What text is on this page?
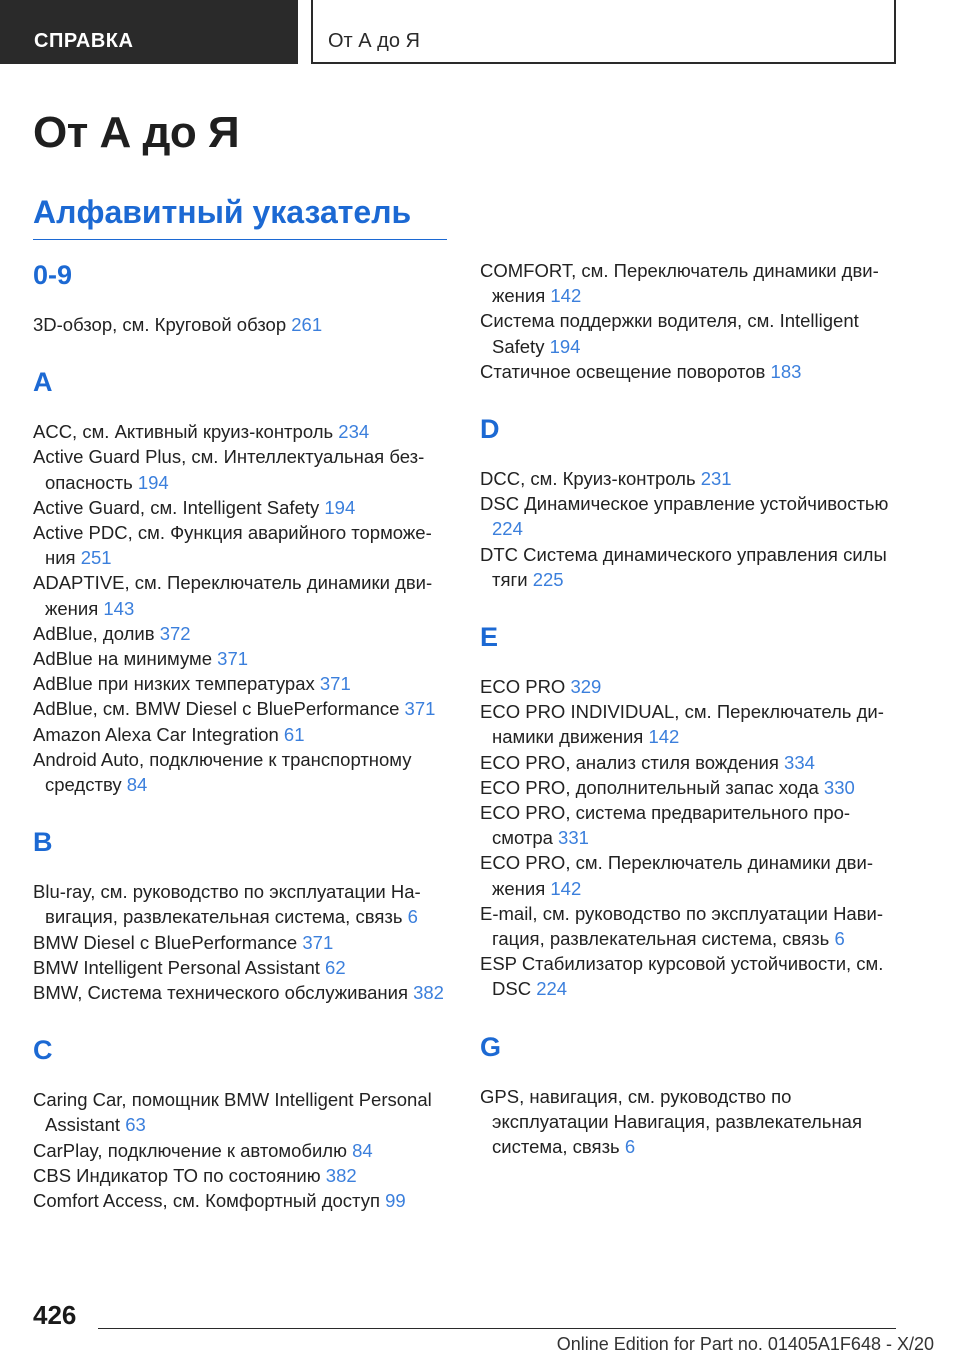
СПРАВКА	От А до Я
От А до Я
Алфавитный указатель
0-9
3D-обзор, см. Круговой обзор 261
A
ACC, см. Активный круиз-контроль 234
Active Guard Plus, см. Интеллектуальная безопасность 194
Active Guard, см. Intelligent Safety 194
Active PDC, см. Функция аварийного торможения 251
ADAPTIVE, см. Переключатель динамики движения 143
AdBlue, долив 372
AdBlue на минимуме 371
AdBlue при низких температурах 371
AdBlue, см. BMW Diesel с BluePerformance 371
Amazon Alexa Car Integration 61
Android Auto, подключение к транспортному средству 84
B
Blu-ray, см. руководство по эксплуатации Навигация, развлекательная система, связь 6
BMW Diesel с BluePerformance 371
BMW Intelligent Personal Assistant 62
BMW, Система технического обслуживания 382
C
Caring Car, помощник BMW Intelligent Personal Assistant 63
CarPlay, подключение к автомобилю 84
CBS Индикатор ТО по состоянию 382
Comfort Access, см. Комфортный доступ 99
COMFORT, см. Переключатель динамики движения 142
Система поддержки водителя, см. Intelligent Safety 194
Статичное освещение поворотов 183
D
DCC, см. Круиз-контроль 231
DSC Динамическое управление устойчивостью 224
DTC Система динамического управления силы тяги 225
E
ECO PRO 329
ECO PRO INDIVIDUAL, см. Переключатель динамики движения 142
ECO PRO, анализ стиля вождения 334
ECO PRO, дополнительный запас хода 330
ECO PRO, система предварительного просмотра 331
ECO PRO, см. Переключатель динамики движения 142
E-mail, см. руководство по эксплуатации Навигация, развлекательная система, связь 6
ESP Стабилизатор курсовой устойчивости, см. DSC 224
G
GPS, навигация, см. руководство по эксплуатации Навигация, развлекательная система, связь 6
426
Online Edition for Part no. 01405A1F648 - X/20
